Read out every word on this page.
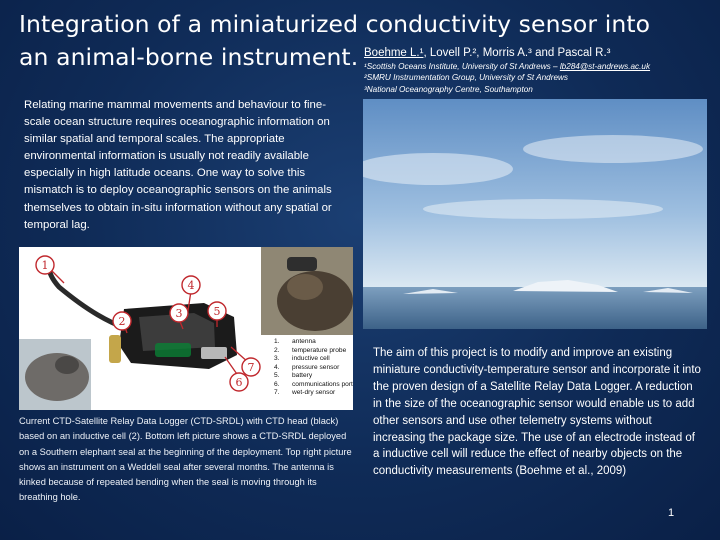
Integration of a miniaturized conductivity sensor into
an animal-borne instrument. Boehme L.¹, Lovell P.², Morris A.³ and Pascal R.³
¹Scottish Oceans Institute, University of St Andrews – lb284@st-andrews.ac.uk
²SMRU Instrumentation Group, University of St Andrews
³National Oceanography Centre, Southampton

Relating marine mammal movements and behaviour to fine-scale ocean structure requires oceanographic information on similar spatial and temporal scales. The appropriate environmental information is usually not readily available especially in high latitude oceans. One way to solve this mismatch is to deploy oceanographic sensors on the animals themselves to obtain in-situ information without any spatial or temporal lag.

1
2
3
4
5
6
7
1.	antenna
2.	temperature probe
3.	inductive cell
4.	pressure sensor
5.	battery
6.	communications port
7.	wet-dry sensor

Current CTD-Satellite Relay Data Logger (CTD-SRDL) with CTD head (black) based on an inductive cell (2). Bottom left picture shows a CTD-SRDL deployed on a Southern elephant seal at the beginning of the deployment. Top right picture shows an instrument on a Weddell seal after several months. The antenna is kinked because of repeated bending when the seal is moving through its breathing hole.

The aim of this project is to modify and improve an existing miniature conductivity-temperature sensor and incorporate it into the proven design of a Satellite Relay Data Logger. A reduction in the size of the oceanographic sensor would enable us to add other sensors and use other telemetry systems without increasing the package size. The use of an electrode instead of a inductive cell will reduce the effect of nearby objects on the conductivity measurements (Boehme et al., 2009)

1
